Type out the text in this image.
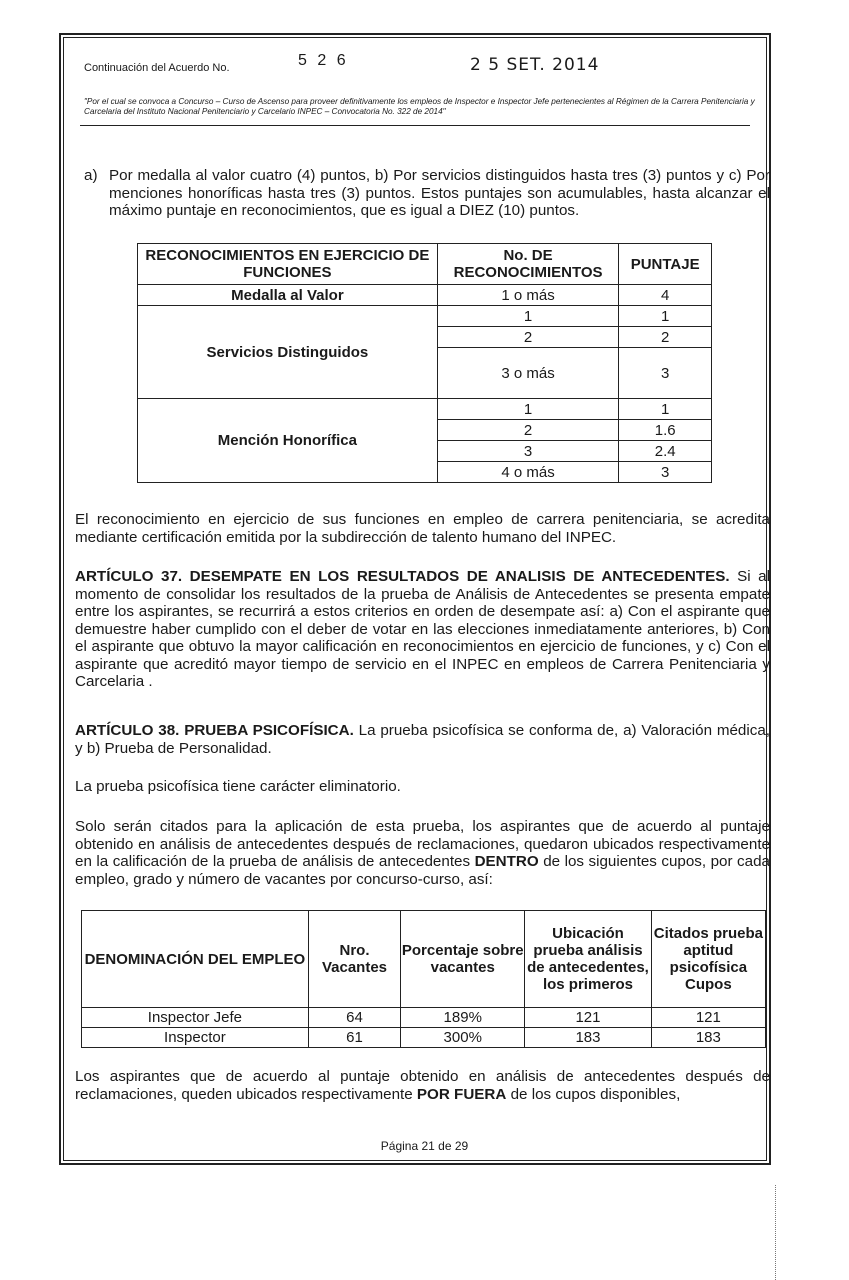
Continuación del Acuerdo No.	5 2 6	2 5 SET. 2014
"Por el cual se convoca a Concurso – Curso de Ascenso para proveer definitivamente los empleos de Inspector e Inspector Jefe pertenecientes al Régimen de la Carrera Penitenciaria y Carcelaria del Instituto Nacional Penitenciario y Carcelario INPEC – Convocatoria No. 322 de 2014"
a) Por medalla al valor cuatro (4) puntos, b) Por servicios distinguidos hasta tres (3) puntos y c) Por menciones honoríficas hasta tres (3) puntos. Estos puntajes son acumulables, hasta alcanzar el máximo puntaje en reconocimientos, que es igual a DIEZ (10) puntos.
RECONOCIMIENTOS EN EJERCICIO DE FUNCIONES	No. DE RECONOCIMIENTOS	PUNTAJE
Medalla al Valor	1 o más	4
Servicios Distinguidos	1	1
	2	2
	3 o más	3
Mención Honorífica	1	1
	2	1.6
	3	2.4
	4 o más	3
El reconocimiento en ejercicio de sus funciones en empleo de carrera penitenciaria, se acredita mediante certificación emitida por la subdirección de talento humano del INPEC.
ARTÍCULO 37. DESEMPATE EN LOS RESULTADOS DE ANALISIS DE ANTECEDENTES. Si al momento de consolidar los resultados de la prueba de Análisis de Antecedentes se presenta empate entre los aspirantes, se recurrirá a estos criterios en orden de desempate así: a) Con el aspirante que demuestre haber cumplido con el deber de votar en las elecciones inmediatamente anteriores, b) Con el aspirante que obtuvo la mayor calificación en reconocimientos en ejercicio de funciones, y c) Con el aspirante que acreditó mayor tiempo de servicio en el INPEC en empleos de Carrera Penitenciaria y Carcelaria .
ARTÍCULO 38. PRUEBA PSICOFÍSICA. La prueba psicofísica se conforma de, a) Valoración médica, y b) Prueba de Personalidad.
La prueba psicofísica tiene carácter eliminatorio.
Solo serán citados para la aplicación de esta prueba, los aspirantes que de acuerdo al puntaje obtenido en análisis de antecedentes después de reclamaciones, quedaron ubicados respectivamente en la calificación de la prueba de análisis de antecedentes DENTRO de los siguientes cupos, por cada empleo, grado y número de vacantes por concurso-curso, así:
DENOMINACIÓN DEL EMPLEO	Nro. Vacantes	Porcentaje sobre vacantes	Ubicación prueba análisis de antecedentes, los primeros	Citados prueba aptitud psicofísica Cupos
Inspector Jefe	64	189%	121	121
Inspector	61	300%	183	183
Los aspirantes que de acuerdo al puntaje obtenido en análisis de antecedentes después de reclamaciones, queden ubicados respectivamente POR FUERA de los cupos disponibles,
Página 21 de 29
